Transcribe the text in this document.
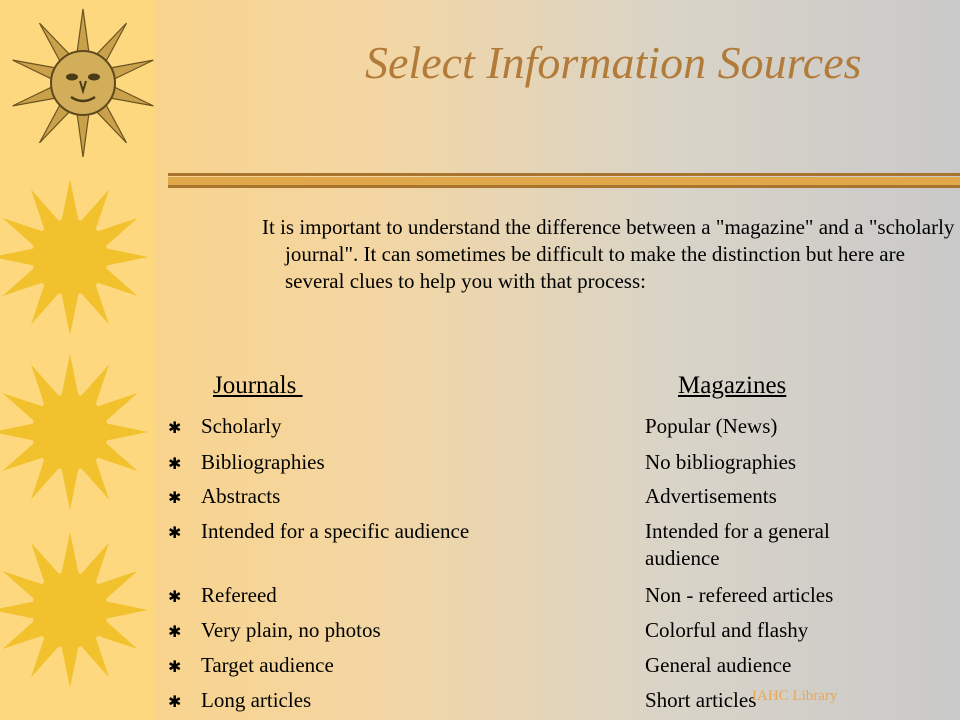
Select Information Sources
It is important to understand the difference between a "magazine" and a "scholarly journal". It can sometimes be difficult to make the distinction but here are several clues to help you with that process:
Journals	Magazines
✱ Scholarly	Popular (News)
✱ Bibliographies	No bibliographies
✱ Abstracts	Advertisements
✱ Intended for a specific audience	Intended for a general audience
✱ Refereed	Non - refereed articles
✱ Very plain, no photos	Colorful and flashy
✱ Target audience	General audience
✱ Long articles	Short articles
IAHC Library
